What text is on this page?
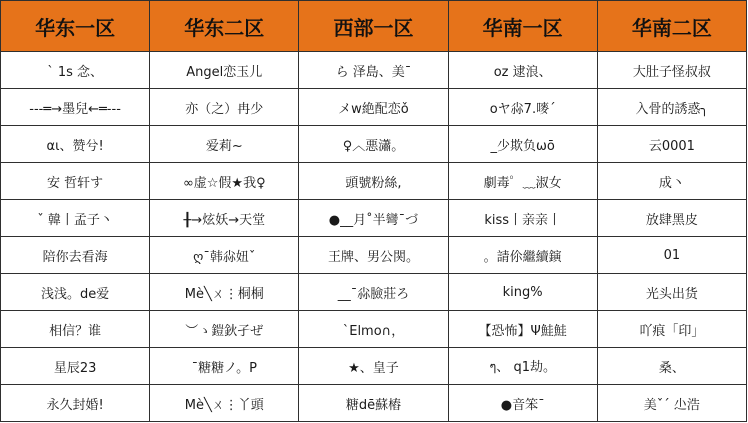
华东一区	华东二区	西部一区	华南一区	华南二区
` 1s 念、	Angel恋玉儿	ら 泽島、美ˉ	oz 逮浪、	大肚子怪叔叔
---═→墨兒←═---	亦（之）冉少	メw絶配恋ǒ	οヤ尛7.嘜ˊ	入骨的誘惑╮
αι、赞兮!	爱莉~	♀︿悪瀟。	_少欺负ωō	云0001
安 哲轩す	∞虚☆假★我♀	頭號粉絲,	劇毒゜﹏淑女	成丶
ˇ 韓丨孟子丶	╂→炫妖→天堂	●__月˚半彎ˉづ	kiss丨亲亲丨	放肆黑皮
陪你去看海	ღˉ韩尛妞ˇ	王牌、男公関。	。請伱繼續鏔	01
浅浅。de爱	Мè╲ㄨ⋮桐桐	__ˉ尛臉莊ろ	king%	光头出货
相信？谁	︶ゝ鎧鈥孑ぜ	`Elmo∩，	【恐怖】Ψ鮭鮭	吖痕「印」
星辰23	ˉ糖糖ノ。P	★、皇子	ๆ、 q1劫。	桑、
永久封婚!	Мè╲ㄨ⋮丫頭	糖dē蘇樁	●音笨ˉ	美ˇˊ 尐浩
